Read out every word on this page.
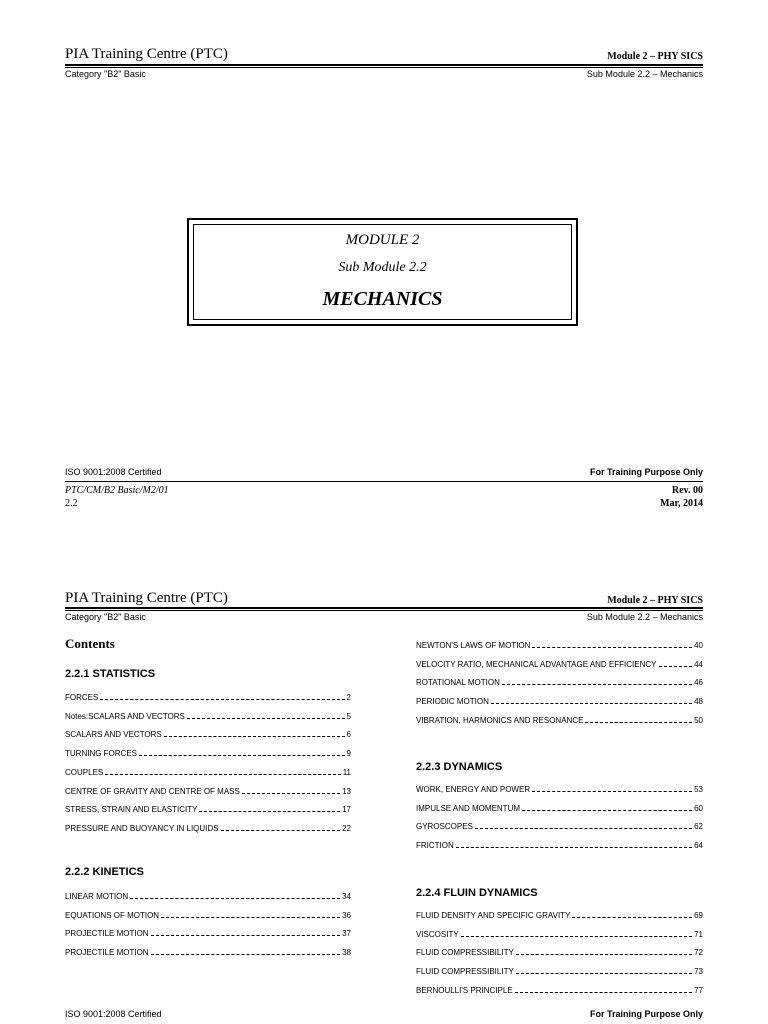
PIA Training Centre (PTC)	Module 2 – PHY SICS
Category "B2" Basic	Sub Module 2.2 – Mechanics
MODULE 2
Sub Module 2.2
MECHANICS
ISO 9001:2008 Certified	For Training Purpose Only
PTC/CM/B2 Basic/M2/01
2.2
Rev. 00
Mar, 2014
PIA Training Centre (PTC)	Module 2 – PHY SICS
Category "B2" Basic	Sub Module 2.2 – Mechanics
Contents
2.2.1 STATISTICS
FORCES	2
Notes:SCALARS AND VECTORS	5
SCALARS AND VECTORS	6
TURNING FORCES	9
COUPLES	11
CENTRE OF GRAVITY AND CENTRE OF MASS	13
STRESS, STRAIN AND ELASTICITY	17
PRESSURE AND BUOYANCY IN LIQUIDS	22
2.2.2 KINETICS
LINEAR MOTION	34
EQUATIONS OF MOTION	36
PROJECTILE MOTION	37
PROJECTILE MOTION	38
NEWTON'S LAWS OF MOTION	40
VELOCITY RATIO, MECHANICAL ADVANTAGE AND EFFICIENCY	44
ROTATIONAL MOTION	46
PERIODIC MOTION	48
VIBRATION, HARMONICS AND RESONANCE	50
2.2.3 DYNAMICS
WORK, ENERGY AND POWER	53
IMPULSE AND MOMENTUM	60
GYROSCOPES	62
FRICTION	64
2.2.4 FLUIN DYNAMICS
FLUID DENSITY AND SPECIFIC GRAVITY	69
VISCOSITY	71
FLUID COMPRESSIBILITY	72
FLUID COMPRESSIBILITY	73
BERNOULLI'S PRINCIPLE	77
ISO 9001:2008 Certified	For Training Purpose Only
